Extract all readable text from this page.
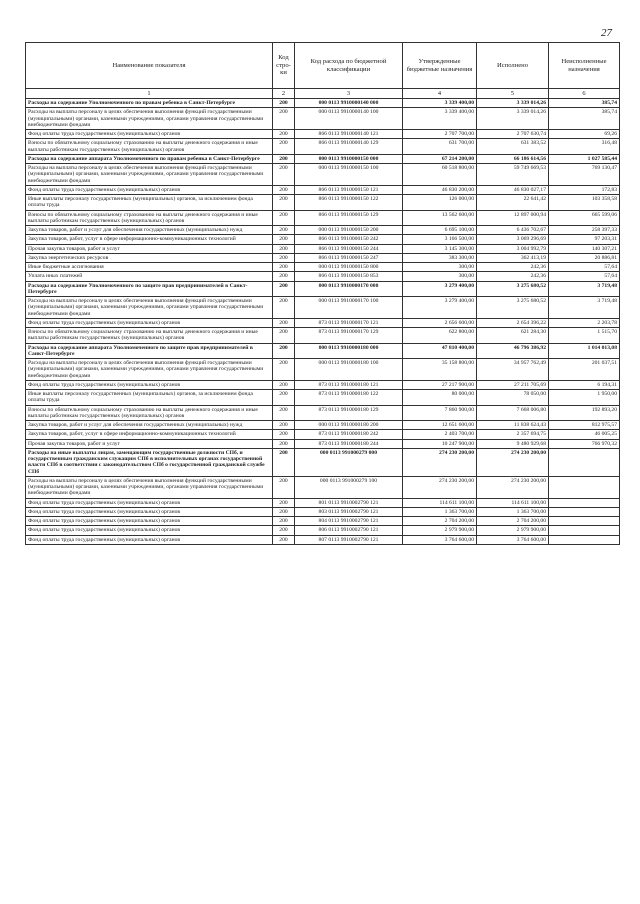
27
Наименование показателя	Код стро-ки	Код расхода по бюджетной классификации	Утвержденные бюджетные назначения	Исполнено	Неисполненные назначения
1	2	3	4	5	6
Расходы на содержание Уполномоченного по правам ребенка в Санкт-Петербурге	200	000 0113 9910000140 000	3 339 400,00	3 339 014,26	385,74
Расходы на выплаты персоналу в целях обеспечения выполнения функций государственными (муниципальными) органами, казенными учреждениями, органами управления государственными внебюджетными фондами	200	000 0113 9910000140 100	3 339 400,00	3 339 014,26	385,74
Фонд оплаты труда государственных (муниципальных) органов	200	866 0113 9910000140 121	2 707 700,00	2 707 630,74	69,26
Взносы по обязательному социальному страхованию на выплаты денежного содержания и иные выплаты работникам государственных (муниципальных) органов	200	866 0113 9910000140 129	631 700,00	631 383,52	316,48
Расходы на содержание аппарата Уполномоченного по правам ребенка в Санкт-Петербурге	200	000 0113 9910000150 000	67 214 200,00	66 186 614,56	1 027 585,44
Расходы на выплаты персоналу в целях обеспечения выполнения функций государственными (муниципальными) органами, казенными учреждениями, органами управления государственными внебюджетными фондами	200	000 0113 9910000150 100	60 518 800,00	59 749 669,53	769 130,47
Фонд оплаты труда государственных (муниципальных) органов	200	866 0113 9910000150 121	46 830 200,00	46 830 027,17	172,83
Иные выплаты персоналу государственных (муниципальных) органов, за исключением фонда оплаты труда	200	866 0113 9910000150 122	126 000,00	22 641,42	103 358,58
Взносы по обязательному социальному страхованию на выплаты денежного содержания и иные выплаты работникам государственных (муниципальных) органов	200	866 0113 9910000150 129	13 562 600,00	12 897 000,94	665 599,06
Закупка товаров, работ и услуг для обеспечения государственных (муниципальных) нужд	200	000 0113 9910000150 200	6 695 100,00	6 436 702,67	258 397,33
Закупка товаров, работ, услуг в сфере информационно-коммуникационных технологий	200	866 0113 9910000150 242	3 166 500,00	3 069 296,69	97 203,31
Прочая закупка товаров, работ и услуг	200	866 0113 9910000150 244	3 145 300,00	3 004 992,79	140 307,21
Закупка энергетических ресурсов	200	866 0113 9910000150 247	383 300,00	362 413,19	20 886,81
Иные бюджетные ассигнования	200	000 0113 9910000150 800	300,00	242,36	57,64
Уплата иных платежей	200	866 0113 9910000150 853	300,00	242,36	57,64
Расходы на содержание Уполномоченного по защите прав предпринимателей в Санкт-Петербурге	200	000 0113 9910000170 000	3 279 400,00	3 275 680,52	3 719,48
Расходы на выплаты персоналу в целях обеспечения выполнения функций государственными (муниципальными) органами, казенными учреждениями, органами управления государственными внебюджетными фондами	200	000 0113 9910000170 100	3 279 400,00	3 275 680,52	3 719,48
Фонд оплаты труда государственных (муниципальных) органов	200	873 0113 9910000170 121	2 656 600,00	2 654 396,22	2 203,78
Взносы по обязательному социальному страхованию на выплаты денежного содержания и иные выплаты работникам государственных (муниципальных) органов	200	873 0113 9910000170 129	622 800,00	621 284,30	1 515,70
Расходы на содержание аппарата Уполномоченного по защите прав предпринимателей в Санкт-Петербурге	200	000 0113 9910000180 000	47 810 400,00	46 796 386,92	1 014 013,08
Расходы на выплаты персоналу в целях обеспечения выполнения функций государственными (муниципальными) органами, казенными учреждениями, органами управления государственными внебюджетными фондами	200	000 0113 9910000180 100	35 158 800,00	34 957 762,49	201 037,51
Фонд оплаты труда государственных (муниципальных) органов	200	873 0113 9910000180 121	27 217 900,00	27 211 705,69	6 194,31
Иные выплаты персоналу государственных (муниципальных) органов, за исключением фонда оплаты труда	200	873 0113 9910000180 122	80 000,00	78 050,00	1 950,00
Взносы по обязательному социальному страхованию на выплаты денежного содержания и иные выплаты работникам государственных (муниципальных) органов	200	873 0113 9910000180 129	7 860 900,00	7 668 006,80	192 893,20
Закупка товаров, работ и услуг для обеспечения государственных (муниципальных) нужд	200	000 0113 9910000180 200	12 651 600,00	11 838 624,43	812 975,57
Закупка товаров, работ, услуг в сфере информационно-коммуникационных технологий	200	873 0113 9910000180 242	2 403 700,00	2 357 694,75	46 005,25
Прочая закупка товаров, работ и услуг	200	873 0113 9910000180 244	10 247 900,00	9 480 929,68	766 970,32
Расходы на иные выплаты лицам, замещающим государственные должности СПб, и государственным гражданским служащим СПб в исполнительных органах государственной власти СПб в соответствии с законодательством СПб о государственной гражданской службе СПб	200	000 0113 991000279 000	274 230 200,00	274 230 200,00	
Расходы на выплаты персоналу в целях обеспечения выполнения функций государственными (муниципальными) органами, казенными учреждениями, органами управления государственными внебюджетными фондами	200	000 0113 991000279 100	274 230 200,00	274 230 200,00	
Фонд оплаты труда государственных (муниципальных) органов	200	801 0113 9910002790 121	114 611 100,00	114 611 100,00	
Фонд оплаты труда государственных (муниципальных) органов	200	803 0113 9910002790 121	1 363 700,00	1 363 700,00	
Фонд оплаты труда государственных (муниципальных) органов	200	804 0113 9910002790 121	2 704 200,00	2 704 200,00	
Фонд оплаты труда государственных (муниципальных) органов	200	806 0113 9910002790 121	2 979 900,00	2 979 900,00	
Фонд оплаты труда государственных (муниципальных) органов	200	807 0113 9910002790 121	3 764 600,00	3 764 600,00	
